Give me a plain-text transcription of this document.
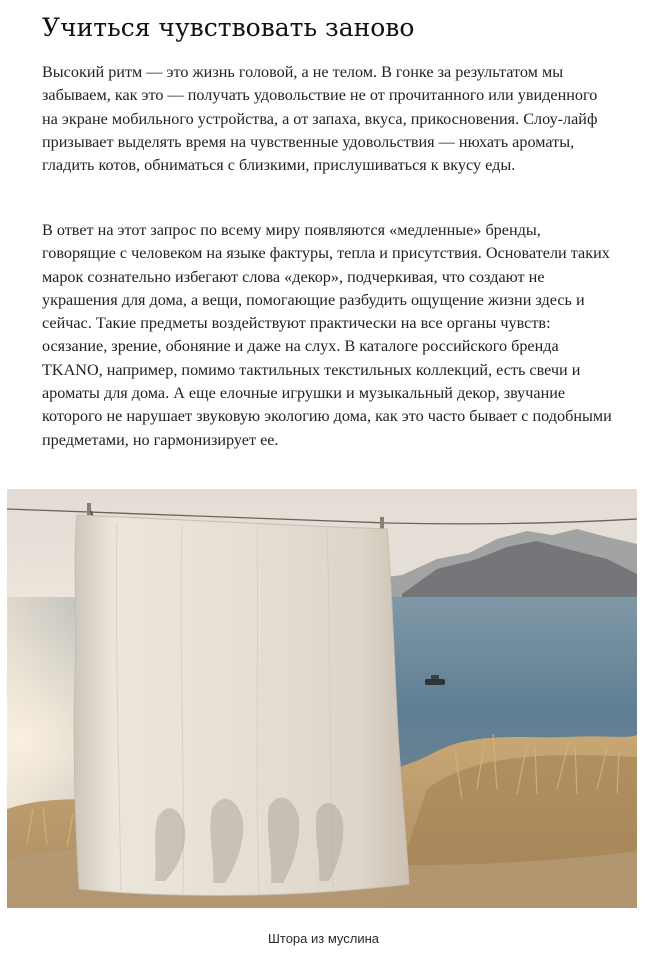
Учиться чувствовать заново

Высокий ритм — это жизнь головой, а не телом. В гонке за результатом мы забываем, как это — получать удовольствие не от прочитанного или увиденного на экране мобильного устройства, а от запаха, вкуса, прикосновения. Слоу-лайф призывает выделять время на чувственные удовольствия — нюхать ароматы, гладить котов, обниматься с близкими, прислушиваться к вкусу еды.

В ответ на этот запрос по всему миру появляются «медленные» бренды, говорящие с человеком на языке фактуры, тепла и присутствия. Основатели таких марок сознательно избегают слова «декор», подчеркивая, что создают не украшения для дома, а вещи, помогающие разбудить ощущение жизни здесь и сейчас. Такие предметы воздействуют практически на все органы чувств: осязание, зрение, обоняние и даже на слух. В каталоге российского бренда TKANO, например, помимо тактильных текстильных коллекций, есть свечи и ароматы для дома. А еще елочные игрушки и музыкальный декор, звучание которого не нарушает звуковую экологию дома, как это часто бывает с подобными предметами, но гармонизирует ее.

Штора из муслина
